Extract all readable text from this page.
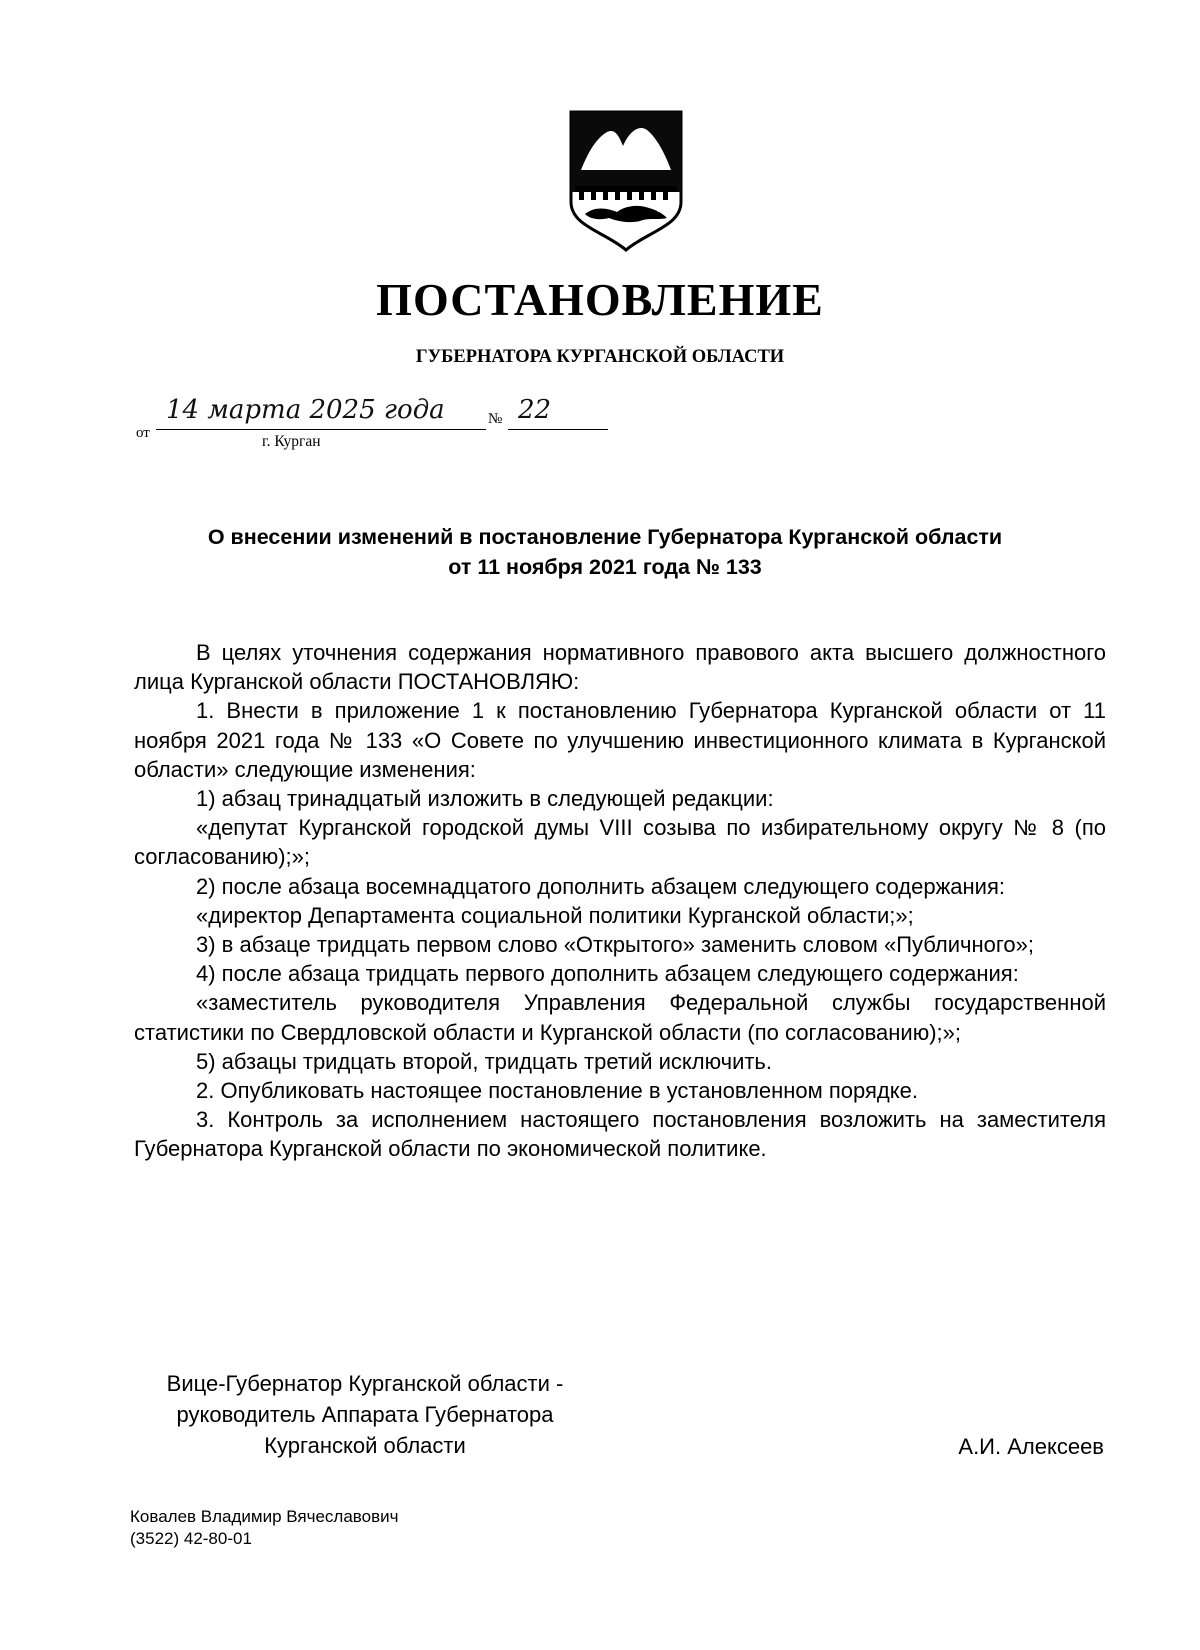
ПОСТАНОВЛЕНИЕ
ГУБЕРНАТОРА КУРГАНСКОЙ ОБЛАСТИ
от
14 марта 2025 года	№ 22
г. Курган
О внесении изменений в постановление Губернатора Курганской области
от 11 ноября 2021 года № 133

В целях уточнения содержания нормативного правового акта высшего должностного лица Курганской области ПОСТАНОВЛЯЮ:

1. Внести в приложение 1 к постановлению Губернатора Курганской области от 11 ноября 2021 года № 133 «О Совете по улучшению инвестиционного климата в Курганской области» следующие изменения:

1) абзац тринадцатый изложить в следующей редакции:

«депутат Курганской городской думы VIII созыва по избирательному округу № 8 (по согласованию);»;

2) после абзаца восемнадцатого дополнить абзацем следующего содержания:

«директор Департамента социальной политики Курганской области;»;

3) в абзаце тридцать первом слово «Открытого» заменить словом «Публичного»;

4) после абзаца тридцать первого дополнить абзацем следующего содержания:

«заместитель руководителя Управления Федеральной службы государственной статистики по Свердловской области и Курганской области (по согласованию);»;

5) абзацы тридцать второй, тридцать третий исключить.

2. Опубликовать настоящее постановление в установленном порядке.

3. Контроль за исполнением настоящего постановления возложить на заместителя Губернатора Курганской области по экономической политике.

Вице-Губернатор Курганской области -
руководитель Аппарата Губернатора
Курганской области	А.И. Алексеев
Ковалев Владимир Вячеславович
(3522) 42-80-01
